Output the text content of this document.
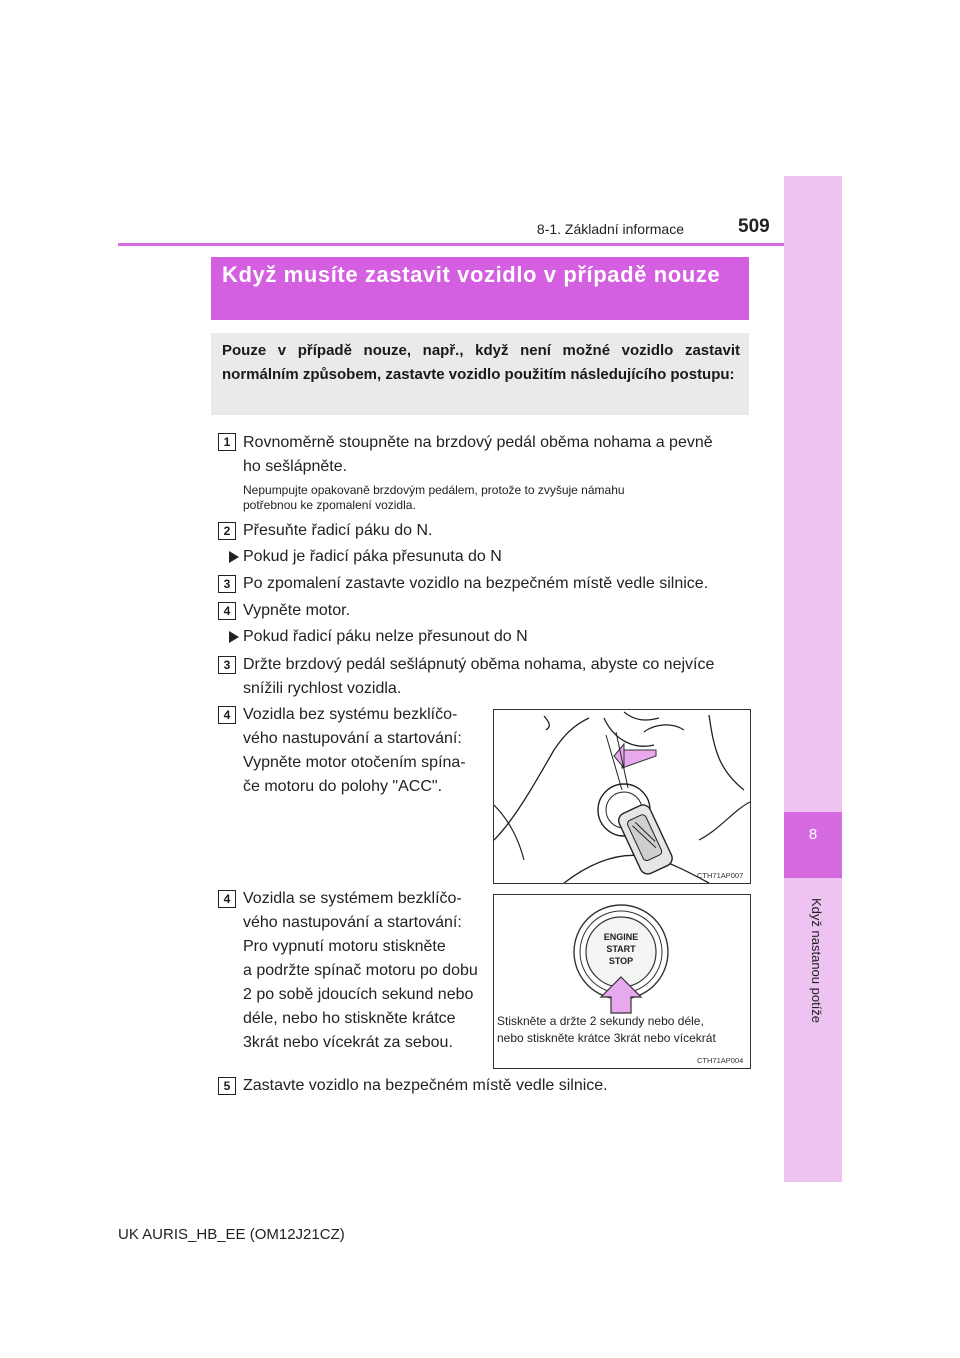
8
Když nastanou potíže
8-1. Základní informace	509
Když musíte zastavit vozidlo v případě nouze
Pouze v případě nouze, např., když není možné vozidlo zastavit normálním způsobem, zastavte vozidlo použitím následujícího postupu:
1 Rovnoměrně stoupněte na brzdový pedál oběma nohama a pevně
ho sešlápněte.
Nepumpujte opakovaně brzdovým pedálem, protože to zvyšuje námahu
potřebnou ke zpomalení vozidla.
2 Přesuňte řadicí páku do N.
Pokud je řadicí páka přesunuta do N
3 Po zpomalení zastavte vozidlo na bezpečném místě vedle silnice.
4 Vypněte motor.
Pokud řadicí páku nelze přesunout do N
3 Držte brzdový pedál sešlápnutý oběma nohama, abyste co nejvíce
snížili rychlost vozidla.
4 Vozidla bez systému bezklíčo-
vého nastupování a startování:
Vypněte motor otočením spína-
če motoru do polohy "ACC".
CTH71AP007
4 Vozidla se systémem bezklíčo-
vého nastupování a startování:
Pro vypnutí motoru stiskněte
a podržte spínač motoru po dobu
2 po sobě jdoucích sekund nebo
déle, nebo ho stiskněte krátce
3krát nebo vícekrát za sebou.
ENGINE
START
STOP
Stiskněte a držte 2 sekundy nebo déle,
nebo stiskněte krátce 3krát nebo vícekrát
CTH71AP004
5 Zastavte vozidlo na bezpečném místě vedle silnice.
UK AURIS_HB_EE (OM12J21CZ)
